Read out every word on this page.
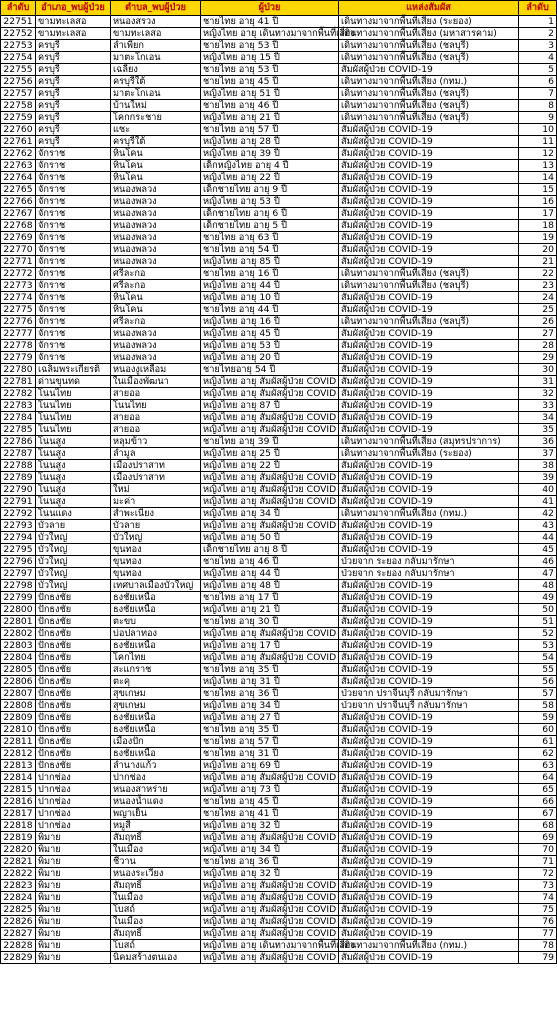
ลำดับ	อำเภอ_พบผู้ป่วย	ตำบล_พบผู้ป่วย	ผู้ป่วย	แหล่งสัมผัส	ลำดับ
22751	ขามทะเลสอ	หนองสรวง	ชายไทย อายุ 41 ปี	เดินทางมาจากพื้นที่เสี่ยง (ระยอง)	1
22752	ขามทะเลสอ	ขามทะเลสอ	หญิงไทย อายุ เดินทางมาจากพื้นที่เสี่ยง	เดินทางมาจากพื้นที่เสี่ยง (มหาสารคาม)	2
22753	ครบุรี	ลำเพียก	ชายไทย อายุ 53 ปี	เดินทางมาจากพื้นที่เสี่ยง (ชลบุรี)	3
22754	ครบุรี	มาตะโกเอน	หญิงไทย อายุ 15 ปี	เดินทางมาจากพื้นที่เสี่ยง (ชลบุรี)	4
22755	ครบุรี	เฉลียง	ชายไทย อายุ 53 ปี	สัมผัสผู้ป่วย COVID-19	5
22756	ครบุรี	ครบุรีใต้	ชายไทย อายุ 45 ปี	เดินทางมาจากพื้นที่เสี่ยง (กทม.)	6
22757	ครบุรี	มาตะโกเอน	หญิงไทย อายุ 51 ปี	เดินทางมาจากพื้นที่เสี่ยง (ชลบุรี)	7
22758	ครบุรี	บ้านใหม่	ชายไทย อายุ 46 ปี	เดินทางมาจากพื้นที่เสี่ยง (ชลบุรี)	8
22759	ครบุรี	โคกกระชาย	หญิงไทย อายุ 21 ปี	เดินทางมาจากพื้นที่เสี่ยง (ชลบุรี)	9
22760	ครบุรี	แชะ	ชายไทย อายุ 57 ปี	สัมผัสผู้ป่วย COVID-19	10
22761	ครบุรี	ครบุรีใต้	หญิงไทย อายุ 28 ปี	สัมผัสผู้ป่วย COVID-19	11
22762	จักราช	หินโคน	หญิงไทย อายุ 39 ปี	สัมผัสผู้ป่วย COVID-19	12
22763	จักราช	หินโคน	เด็กหญิงไทย อายุ 4 ปี	สัมผัสผู้ป่วย COVID-19	13
22764	จักราช	หินโคน	หญิงไทย อายุ 22 ปี	สัมผัสผู้ป่วย COVID-19	14
22765	จักราช	หนองพลวง	เด็กชายไทย อายุ 9 ปี	สัมผัสผู้ป่วย COVID-19	15
22766	จักราช	หนองพลวง	หญิงไทย อายุ 53 ปี	สัมผัสผู้ป่วย COVID-19	16
22767	จักราช	หนองพลวง	เด็กชายไทย อายุ 6 ปี	สัมผัสผู้ป่วย COVID-19	17
22768	จักราช	หนองพลวง	เด็กชายไทย อายุ 5 ปี	สัมผัสผู้ป่วย COVID-19	18
22769	จักราช	หนองพลวง	ชายไทย อายุ 63 ปี	สัมผัสผู้ป่วย COVID-19	19
22770	จักราช	หนองพลวง	ชายไทย อายุ 54 ปี	สัมผัสผู้ป่วย COVID-19	20
22771	จักราช	หนองพลวง	หญิงไทย อายุ 85 ปี	สัมผัสผู้ป่วย COVID-19	21
22772	จักราช	ศรีละกอ	ชายไทย อายุ 16 ปี	เดินทางมาจากพื้นที่เสี่ยง (ชลบุรี)	22
22773	จักราช	ศรีละกอ	หญิงไทย อายุ 44 ปี	เดินทางมาจากพื้นที่เสี่ยง (ชลบุรี)	23
22774	จักราช	หินโคน	หญิงไทย อายุ 10 ปี	สัมผัสผู้ป่วย COVID-19	24
22775	จักราช	หินโคน	ชายไทย อายุ 44 ปี	สัมผัสผู้ป่วย COVID-19	25
22776	จักราช	ศรีละกอ	หญิงไทย อายุ 16 ปี	เดินทางมาจากพื้นที่เสี่ยง (ชลบุรี)	26
22777	จักราช	หนองพลวง	หญิงไทย อายุ 45 ปี	สัมผัสผู้ป่วย COVID-19	27
22778	จักราช	หนองพลวง	หญิงไทย อายุ 53 ปี	สัมผัสผู้ป่วย COVID-19	28
22779	จักราช	หนองพลวง	หญิงไทย อายุ 20 ปี	สัมผัสผู้ป่วย COVID-19	29
22780	เฉลิมพระเกียรติ	หนองงูเหลือม	ชายไทยอายุ 54 ปี	สัมผัสผู้ป่วย COVID-19	30
22781	ด่านขุนทด	ในเมืองพัฒนา	หญิงไทย อายุ สัมผัสผู้ป่วย COVID	สัมผัสผู้ป่วย COVID-19	31
22782	โนนไทย	สายออ	หญิงไทย อายุ สัมผัสผู้ป่วย COVID	สัมผัสผู้ป่วย COVID-19	32
22783	โนนไทย	โนนไทย	หญิงไทย อายุ 87 ปี	สัมผัสผู้ป่วย COVID-19	33
22784	โนนไทย	สายออ	หญิงไทย อายุ สัมผัสผู้ป่วย COVID	สัมผัสผู้ป่วย COVID-19	34
22785	โนนไทย	สายออ	หญิงไทย อายุ สัมผัสผู้ป่วย COVID	สัมผัสผู้ป่วย COVID-19	35
22786	โนนสูง	หลุมข้าว	ชายไทย อายุ 39 ปี	เดินทางมาจากพื้นที่เสี่ยง (สมุทรปราการ)	36
22787	โนนสูง	ลำมูล	หญิงไทย อายุ 25 ปี	เดินทางมาจากพื้นที่เสี่ยง (ระยอง)	37
22788	โนนสูง	เมืองปราสาท	หญิงไทย อายุ 22 ปี	สัมผัสผู้ป่วย COVID-19	38
22789	โนนสูง	เมืองปราสาท	หญิงไทย อายุ สัมผัสผู้ป่วย COVID	สัมผัสผู้ป่วย COVID-19	39
22790	โนนสูง	ใหม่	หญิงไทย อายุ สัมผัสผู้ป่วย COVID	สัมผัสผู้ป่วย COVID-19	40
22791	โนนสูง	มะค่า	หญิงไทย อายุ สัมผัสผู้ป่วย COVID	สัมผัสผู้ป่วย COVID-19	41
22792	โนนแดง	สำพะเนียง	หญิงไทย อายุ 34 ปี	เดินทางมาจากพื้นที่เสี่ยง (กทม.)	42
22793	บัวลาย	บัวลาย	หญิงไทย อายุ สัมผัสผู้ป่วย COVID	สัมผัสผู้ป่วย COVID-19	43
22794	บัวใหญ่	บัวใหญ่	หญิงไทย อายุ 50 ปี	สัมผัสผู้ป่วย COVID-19	44
22795	บัวใหญ่	ขุนทอง	เด็กชายไทย อายุ 8 ปี	สัมผัสผู้ป่วย COVID-19	45
22796	บัวใหญ่	ขุนทอง	ชายไทย อายุ 46 ปี	ป่วยจาก ระยอง กลับมารักษา	46
22797	บัวใหญ่	ขุนทอง	หญิงไทย อายุ 44 ปี	ป่วยจาก ระยอง กลับมารักษา	47
22798	บัวใหญ่	เทศบาลเมืองบัวใหญ่	หญิงไทย อายุ 48 ปี	สัมผัสผู้ป่วย COVID-19	48
22799	ปักธงชัย	ธงชัยเหนือ	ชายไทย อายุ 17 ปี	สัมผัสผู้ป่วย COVID-19	49
22800	ปักธงชัย	ธงชัยเหนือ	หญิงไทย อายุ 21 ปี	สัมผัสผู้ป่วย COVID-19	50
22801	ปักธงชัย	ตะขบ	ชายไทย อายุ 30 ปี	สัมผัสผู้ป่วย COVID-19	51
22802	ปักธงชัย	บ่อปลาทอง	หญิงไทย อายุ สัมผัสผู้ป่วย COVID	สัมผัสผู้ป่วย COVID-19	52
22803	ปักธงชัย	ธงชัยเหนือ	หญิงไทย อายุ 17 ปี	สัมผัสผู้ป่วย COVID-19	53
22804	ปักธงชัย	โคกไทย	หญิงไทย อายุ สัมผัสผู้ป่วย COVID	สัมผัสผู้ป่วย COVID-19	54
22805	ปักธงชัย	สะแกราช	ชายไทย อายุ 35 ปี	สัมผัสผู้ป่วย COVID-19	55
22806	ปักธงชัย	ตะคุ	หญิงไทย อายุ 31 ปี	สัมผัสผู้ป่วย COVID-19	56
22807	ปักธงชัย	สุขเกษม	ชายไทย อายุ 36 ปี	ป่วยจาก ปราจีนบุรี กลับมารักษา	57
22808	ปักธงชัย	สุขเกษม	หญิงไทย อายุ 34 ปี	ป่วยจาก ปราจีนบุรี กลับมารักษา	58
22809	ปักธงชัย	ธงชัยเหนือ	หญิงไทย อายุ 27 ปี	สัมผัสผู้ป่วย COVID-19	59
22810	ปักธงชัย	ธงชัยเหนือ	ชายไทย อายุ 35 ปี	สัมผัสผู้ป่วย COVID-19	60
22811	ปักธงชัย	เมืองปัก	ชายไทย อายุ 57 ปี	สัมผัสผู้ป่วย COVID-19	61
22812	ปักธงชัย	ธงชัยเหนือ	ชายไทย อายุ 31 ปี	สัมผัสผู้ป่วย COVID-19	62
22813	ปักธงชัย	ลำนางแก้ว	หญิงไทย อายุ 69 ปี	สัมผัสผู้ป่วย COVID-19	63
22814	ปากช่อง	ปากช่อง	หญิงไทย อายุ สัมผัสผู้ป่วย COVID	สัมผัสผู้ป่วย COVID-19	64
22815	ปากช่อง	หนองสาหร่าย	หญิงไทย อายุ 73 ปี	สัมผัสผู้ป่วย COVID-19	65
22816	ปากช่อง	หนองน้ำแดง	ชายไทย อายุ 45 ปี	สัมผัสผู้ป่วย COVID-19	66
22817	ปากช่อง	พญาเย็น	ชายไทย อายุ 41 ปี	สัมผัสผู้ป่วย COVID-19	67
22818	ปากช่อง	หมูสี	หญิงไทย อายุ 32 ปี	สัมผัสผู้ป่วย COVID-19	68
22819	พิมาย	สัมฤทธิ์	หญิงไทย อายุ สัมผัสผู้ป่วย COVID	สัมผัสผู้ป่วย COVID-19	69
22820	พิมาย	ในเมือง	หญิงไทย อายุ 34 ปี	สัมผัสผู้ป่วย COVID-19	70
22821	พิมาย	ชีวาน	ชายไทย อายุ 36 ปี	สัมผัสผู้ป่วย COVID-19	71
22822	พิมาย	หนองระเวียง	หญิงไทย อายุ 32 ปี	สัมผัสผู้ป่วย COVID-19	72
22823	พิมาย	สัมฤทธิ์	หญิงไทย อายุ สัมผัสผู้ป่วย COVID	สัมผัสผู้ป่วย COVID-19	73
22824	พิมาย	ในเมือง	หญิงไทย อายุ สัมผัสผู้ป่วย COVID	สัมผัสผู้ป่วย COVID-19	74
22825	พิมาย	โบสถ์	หญิงไทย อายุ สัมผัสผู้ป่วย COVID	สัมผัสผู้ป่วย COVID-19	75
22826	พิมาย	ในเมือง	หญิงไทย อายุ สัมผัสผู้ป่วย COVID	สัมผัสผู้ป่วย COVID-19	76
22827	พิมาย	สัมฤทธิ์	หญิงไทย อายุ สัมผัสผู้ป่วย COVID	สัมผัสผู้ป่วย COVID-19	77
22828	พิมาย	โบสถ์	หญิงไทย อายุ เดินทางมาจากพื้นที่เสี่ยง	เดินทางมาจากพื้นที่เสี่ยง (กทม.)	78
22829	พิมาย	นิคมสร้างตนเอง	หญิงไทย อายุ สัมผัสผู้ป่วย COVID	สัมผัสผู้ป่วย COVID-19	79
